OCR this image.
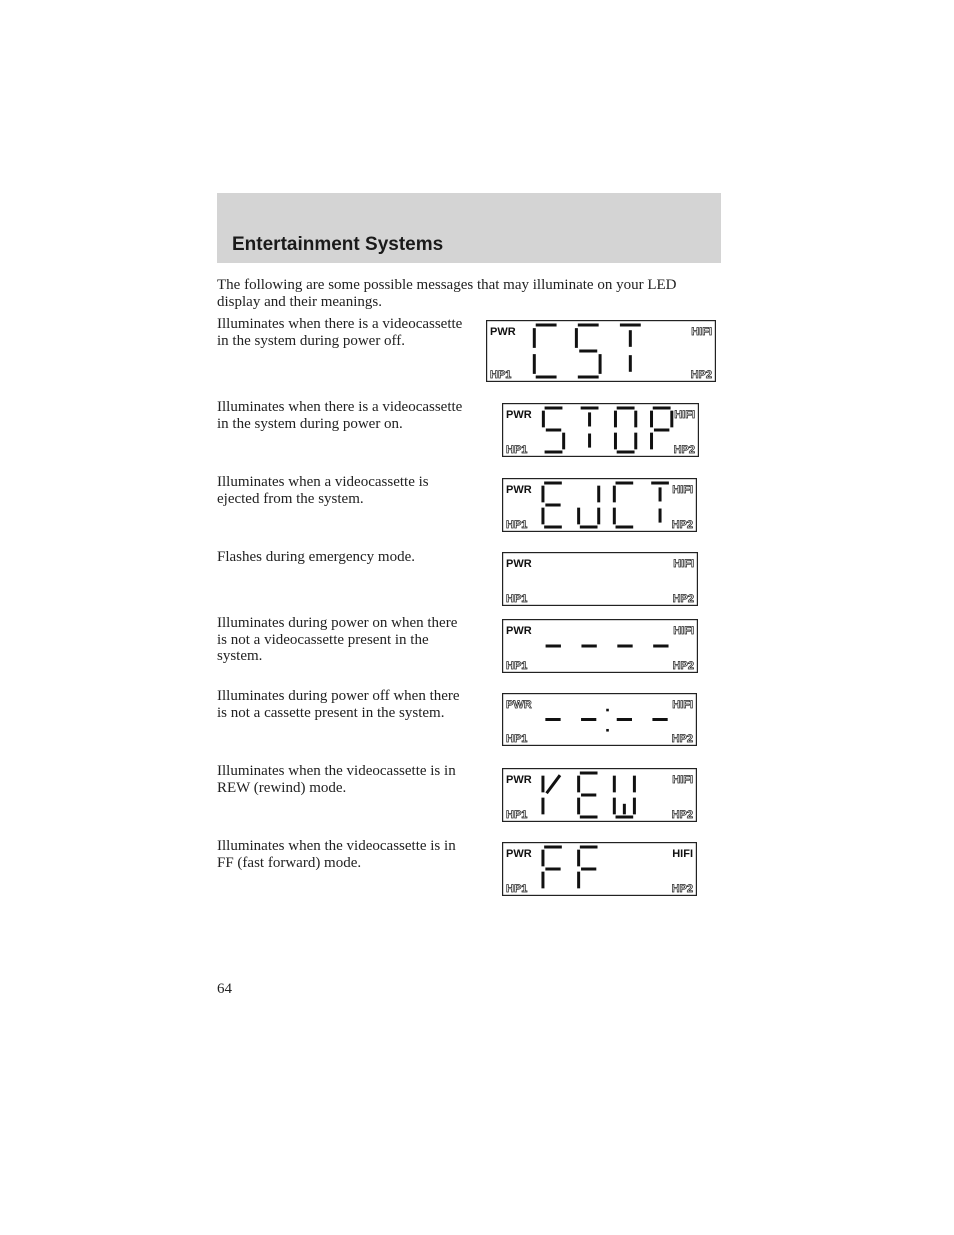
Entertainment Systems

The following are some possible messages that may illuminate on your LED display and their meanings.

Illuminates when there is a videocassette in the system during power off.

PWR	HIFI
HP1	HP2

Illuminates when there is a videocassette in the system during power on.

PWR	HIFI
HP1	HP2

Illuminates when a videocassette is ejected from the system.

PWR	HIFI
HP1	HP2

Flashes during emergency mode.	PWR	HIFI
HP1	HP2

Illuminates during power on when there is not a videocassette present in the system.

PWR	HIFI
HP1	HP2

Illuminates during power off when there is not a cassette present in the system.	PWR	HIFI
HP1	HP2

Illuminates when the videocassette is in REW (rewind) mode.	PWR	HIFI
HP1	HP2

Illuminates when the videocassette is in FF (fast forward) mode.

PWR	HIFI
HP1	HP2

64
